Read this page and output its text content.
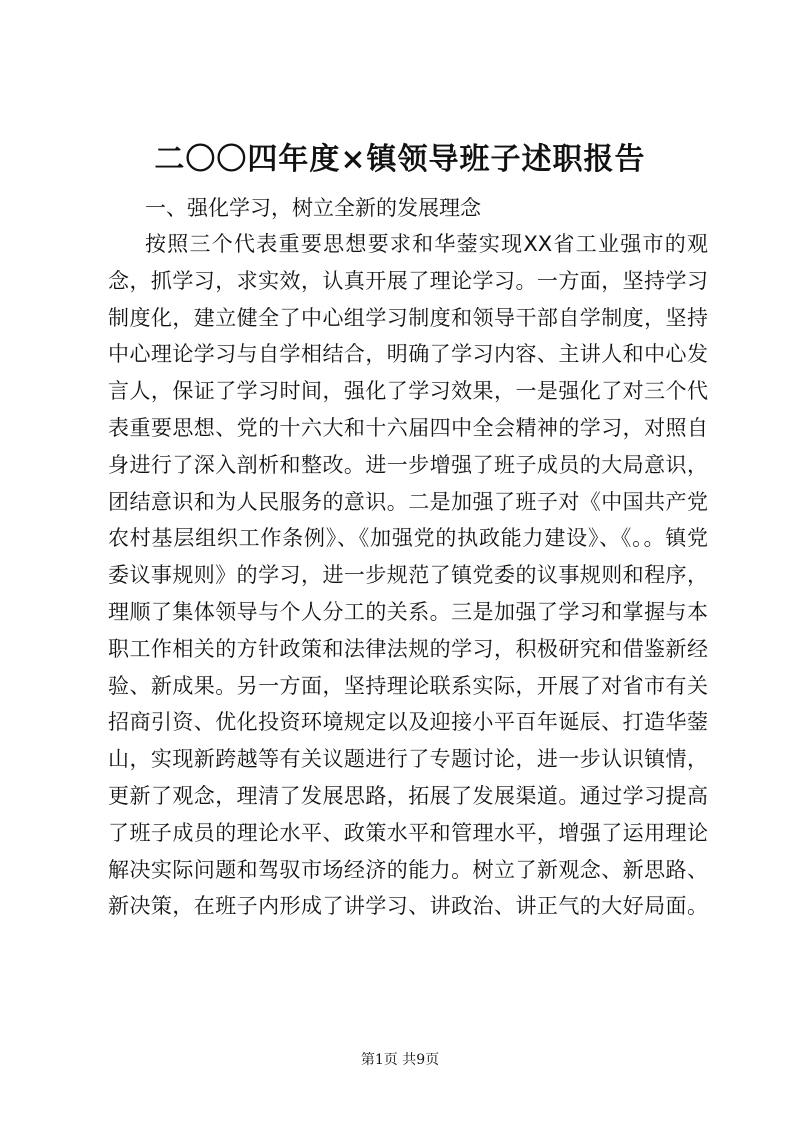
二〇〇四年度×镇领导班子述职报告
一、强化学习，树立全新的发展理念
按照三个代表重要思想要求和华蓥实现XX省工业强市的观
念，抓学习，求实效，认真开展了理论学习。一方面，坚持学习
制度化，建立健全了中心组学习制度和领导干部自学制度，坚持
中心理论学习与自学相结合，明确了学习内容、主讲人和中心发
言人，保证了学习时间，强化了学习效果，一是强化了对三个代
表重要思想、党的十六大和十六届四中全会精神的学习，对照自
身进行了深入剖析和整改。进一步增强了班子成员的大局意识，
团结意识和为人民服务的意识。二是加强了班子对《中国共产党
农村基层组织工作条例》、《加强党的执政能力建设》、《。。镇党
委议事规则》的学习，进一步规范了镇党委的议事规则和程序，
理顺了集体领导与个人分工的关系。三是加强了学习和掌握与本
职工作相关的方针政策和法律法规的学习，积极研究和借鉴新经
验、新成果。另一方面，坚持理论联系实际，开展了对省市有关
招商引资、优化投资环境规定以及迎接小平百年诞辰、打造华蓥
山，实现新跨越等有关议题进行了专题讨论，进一步认识镇情，
更新了观念，理清了发展思路，拓展了发展渠道。通过学习提高
了班子成员的理论水平、政策水平和管理水平，增强了运用理论
解决实际问题和驾驭市场经济的能力。树立了新观念、新思路、
新决策，在班子内形成了讲学习、讲政治、讲正气的大好局面。
第1页 共9页
